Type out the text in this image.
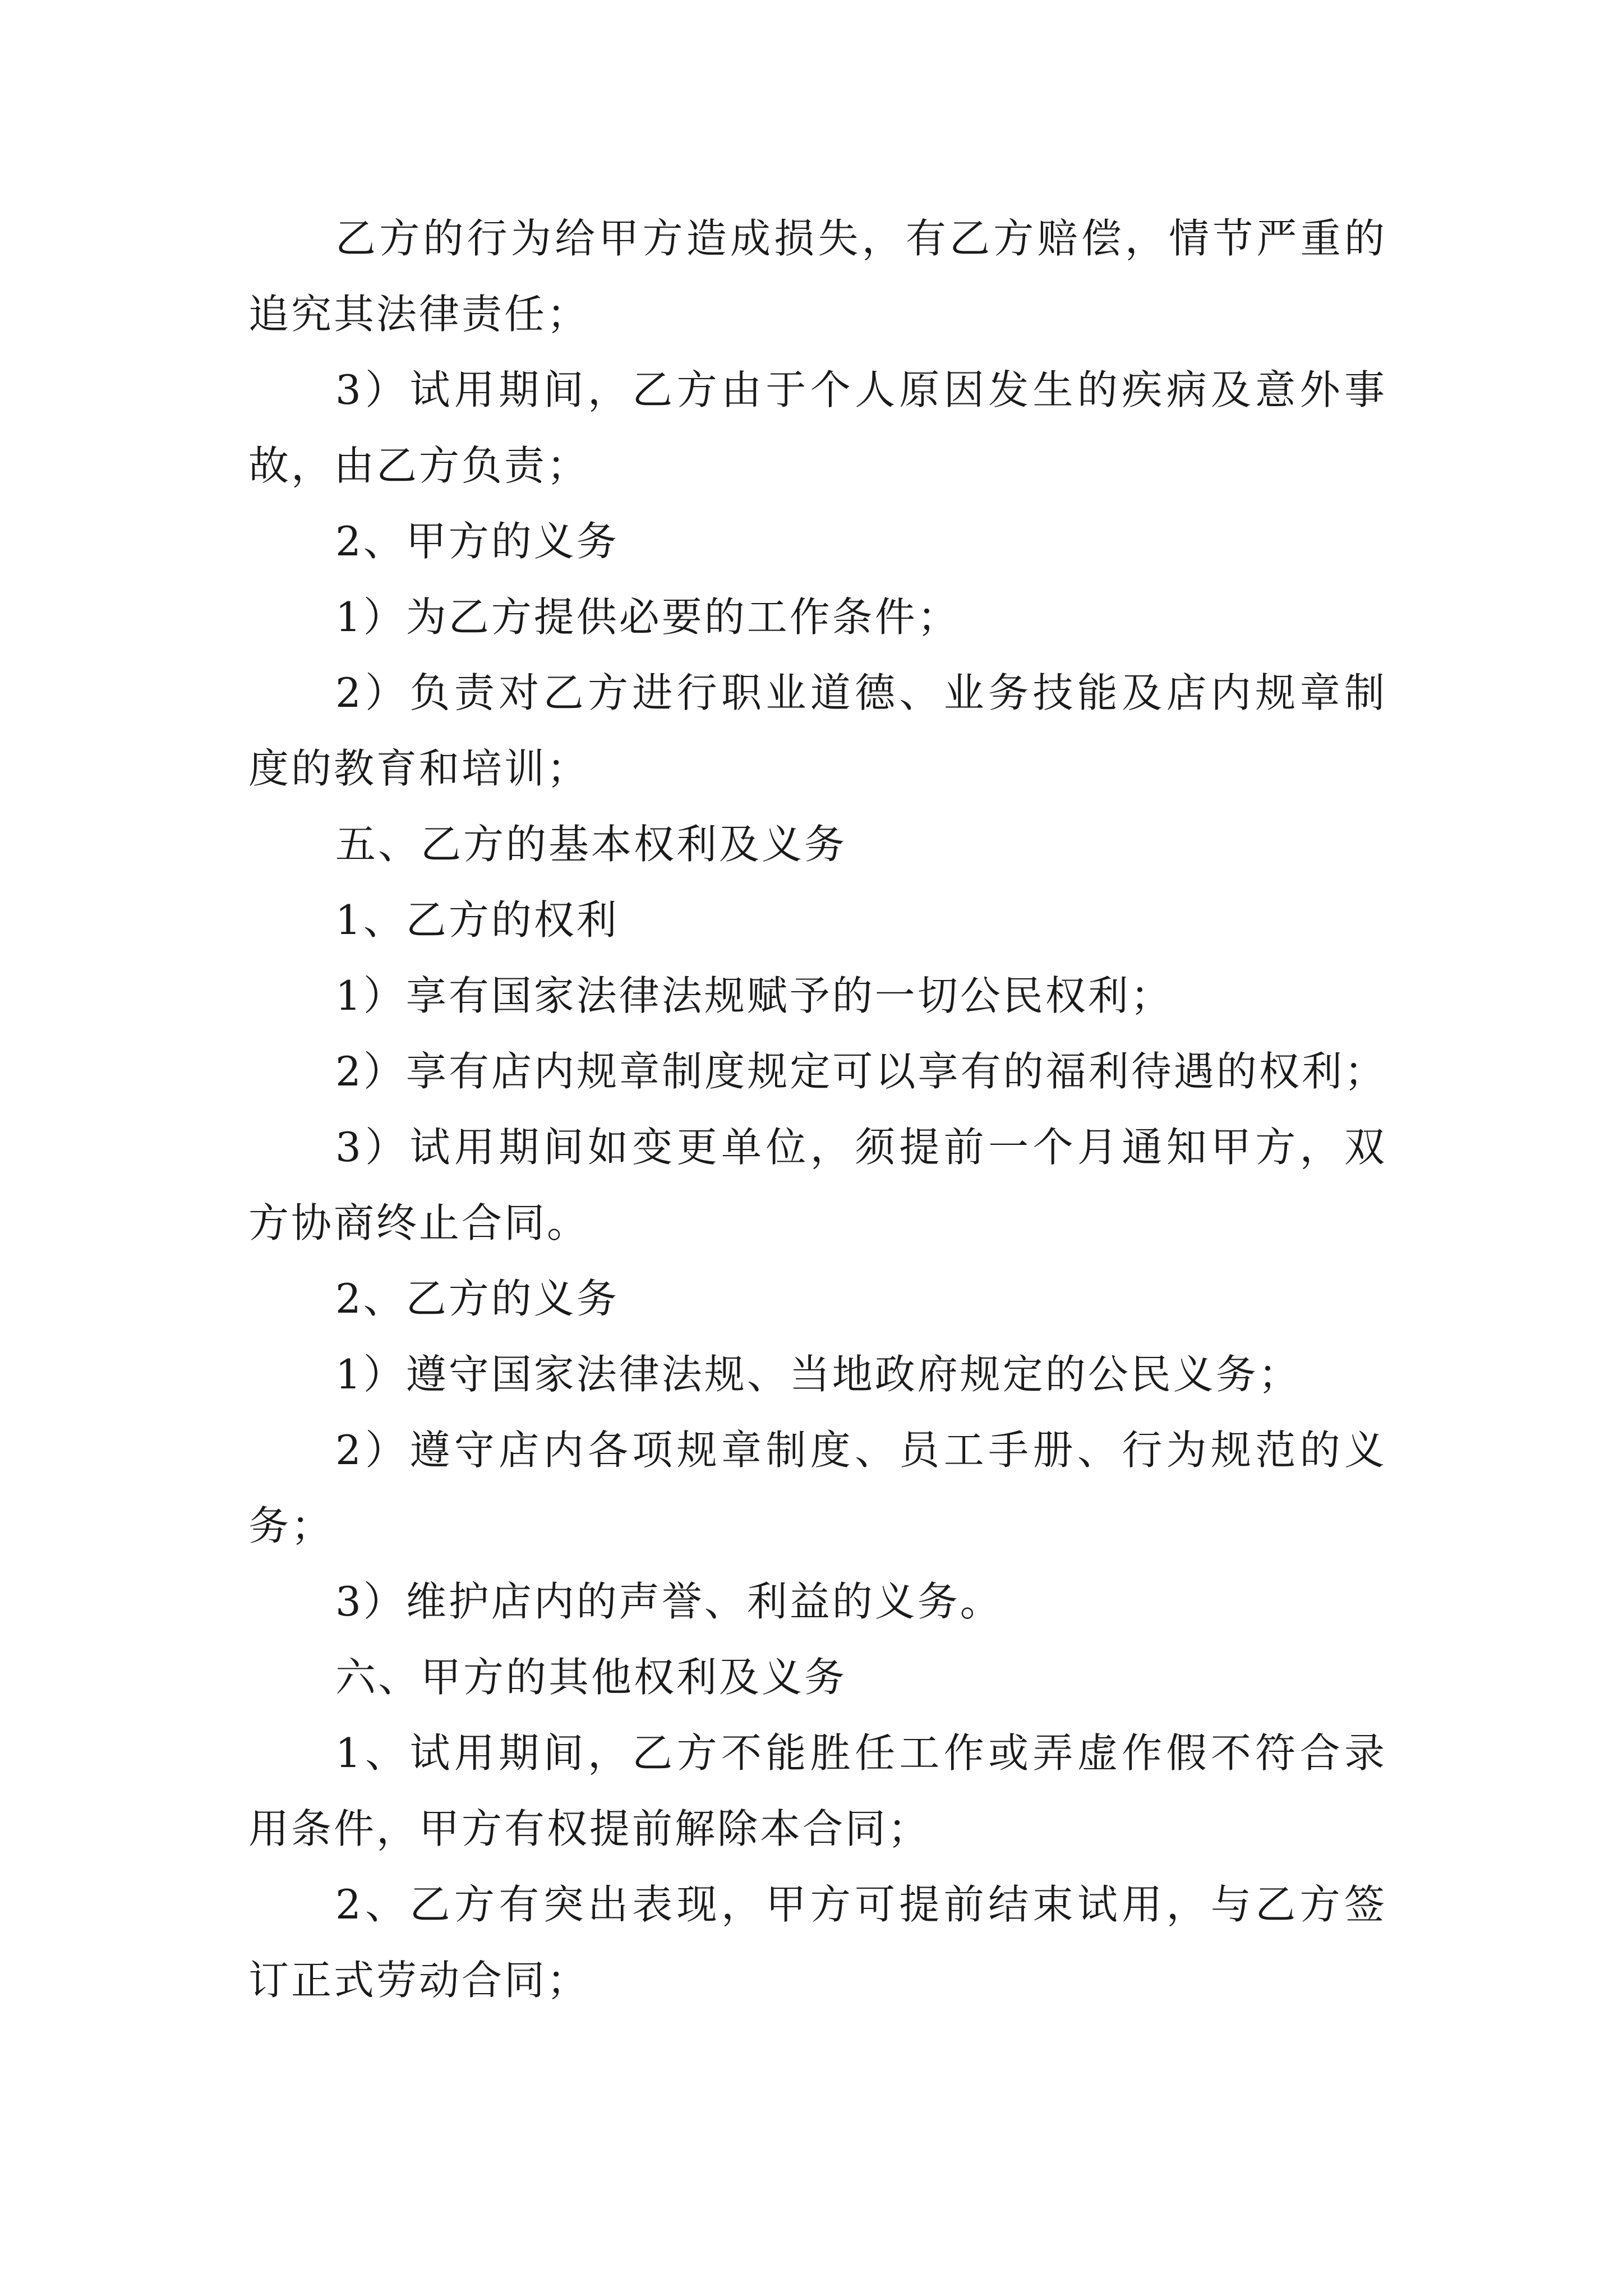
乙方的行为给甲方造成损失，有乙方赔偿，情节严重的

追究其法律责任；

3）试用期间，乙方由于个人原因发生的疾病及意外事

故，由乙方负责；

2、甲方的义务

1）为乙方提供必要的工作条件；

2）负责对乙方进行职业道德、业务技能及店内规章制

度的教育和培训；

五、乙方的基本权利及义务

1、乙方的权利

1）享有国家法律法规赋予的一切公民权利；

2）享有店内规章制度规定可以享有的福利待遇的权利；

3）试用期间如变更单位，须提前一个月通知甲方，双

方协商终止合同。

2、乙方的义务

1）遵守国家法律法规、当地政府规定的公民义务；

2）遵守店内各项规章制度、员工手册、行为规范的义

务；

3）维护店内的声誉、利益的义务。

六、甲方的其他权利及义务

1、试用期间，乙方不能胜任工作或弄虚作假不符合录

用条件，甲方有权提前解除本合同；

2、乙方有突出表现，甲方可提前结束试用，与乙方签

订正式劳动合同；
